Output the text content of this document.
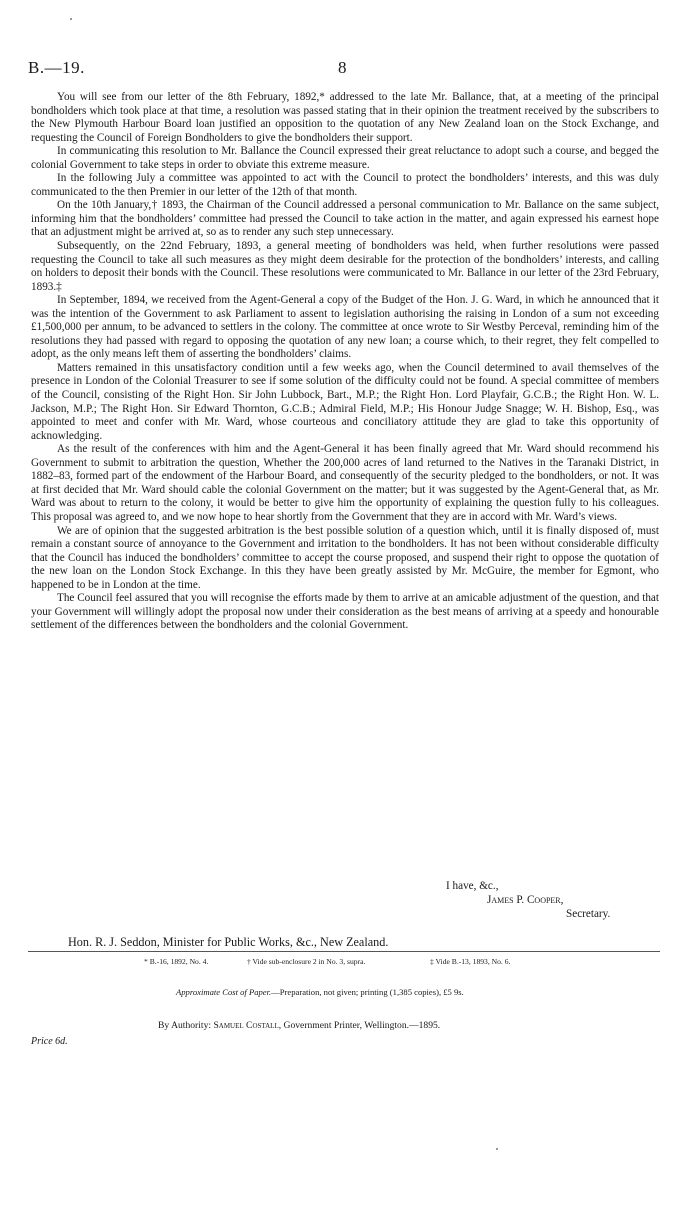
B.—19.	8

You will see from our letter of the 8th February, 1892,* addressed to the late Mr. Ballance, that, at a meeting of the principal bondholders which took place at that time, a resolution was passed stating that in their opinion the treatment received by the subscribers to the New Plymouth Harbour Board loan justified an opposition to the quotation of any New Zealand loan on the Stock Exchange, and requesting the Council of Foreign Bondholders to give the bondholders their support.

In communicating this resolution to Mr. Ballance the Council expressed their great reluctance to adopt such a course, and begged the colonial Government to take steps in order to obviate this extreme measure.

In the following July a committee was appointed to act with the Council to protect the bondholders’ interests, and this was duly communicated to the then Premier in our letter of the 12th of that month.

On the 10th January,† 1893, the Chairman of the Council addressed a personal communication to Mr. Ballance on the same subject, informing him that the bondholders’ committee had pressed the Council to take action in the matter, and again expressed his earnest hope that an adjustment might be arrived at, so as to render any such step unnecessary.

Subsequently, on the 22nd February, 1893, a general meeting of bondholders was held, when further resolutions were passed requesting the Council to take all such measures as they might deem desirable for the protection of the bondholders’ interests, and calling on holders to deposit their bonds with the Council. These resolutions were communicated to Mr. Ballance in our letter of the 23rd February, 1893.‡

In September, 1894, we received from the Agent-General a copy of the Budget of the Hon. J. G. Ward, in which he announced that it was the intention of the Government to ask Parliament to assent to legislation authorising the raising in London of a sum not exceeding £1,500,000 per annum, to be advanced to settlers in the colony. The committee at once wrote to Sir Westby Perceval, reminding him of the resolutions they had passed with regard to opposing the quotation of any new loan; a course which, to their regret, they felt compelled to adopt, as the only means left them of asserting the bondholders’ claims.

Matters remained in this unsatisfactory condition until a few weeks ago, when the Council determined to avail themselves of the presence in London of the Colonial Treasurer to see if some solution of the difficulty could not be found. A special committee of members of the Council, consisting of the Right Hon. Sir John Lubbock, Bart., M.P.; the Right Hon. Lord Playfair, G.C.B.; the Right Hon. W. L. Jackson, M.P.; The Right Hon. Sir Edward Thornton, G.C.B.; Admiral Field, M.P.; His Honour Judge Snagge; W. H. Bishop, Esq., was appointed to meet and confer with Mr. Ward, whose courteous and conciliatory attitude they are glad to take this opportunity of acknowledging.

As the result of the conferences with him and the Agent-General it has been finally agreed that Mr. Ward should recommend his Government to submit to arbitration the question, Whether the 200,000 acres of land returned to the Natives in the Taranaki District, in 1882–83, formed part of the endowment of the Harbour Board, and consequently of the security pledged to the bondholders, or not. It was at first decided that Mr. Ward should cable the colonial Government on the matter; but it was suggested by the Agent-General that, as Mr. Ward was about to return to the colony, it would be better to give him the opportunity of explaining the question fully to his colleagues. This proposal was agreed to, and we now hope to hear shortly from the Government that they are in accord with Mr. Ward’s views.

We are of opinion that the suggested arbitration is the best possible solution of a question which, until it is finally disposed of, must remain a constant source of annoyance to the Government and irritation to the bondholders. It has not been without considerable difficulty that the Council has induced the bondholders’ committee to accept the course proposed, and suspend their right to oppose the quotation of the new loan on the London Stock Exchange. In this they have been greatly assisted by Mr. McGuire, the member for Egmont, who happened to be in London at the time.

The Council feel assured that you will recognise the efforts made by them to arrive at an amicable adjustment of the question, and that your Government will willingly adopt the proposal now under their consideration as the best means of arriving at a speedy and honourable settlement of the differences between the bondholders and the colonial Government.

I have, &c.,
James P. Cooper,
Secretary.
Hon. R. J. Seddon, Minister for Public Works, &c., New Zealand.
* B.-16, 1892, No. 4.	† Vide sub-enclosure 2 in No. 3, supra.	‡ Vide B.-13, 1893, No. 6.
Approximate Cost of Paper.—Preparation, not given; printing (1,385 copies), £5 9s.
By Authority: Samuel Costall, Government Printer, Wellington.—1895.
Price 6d.
